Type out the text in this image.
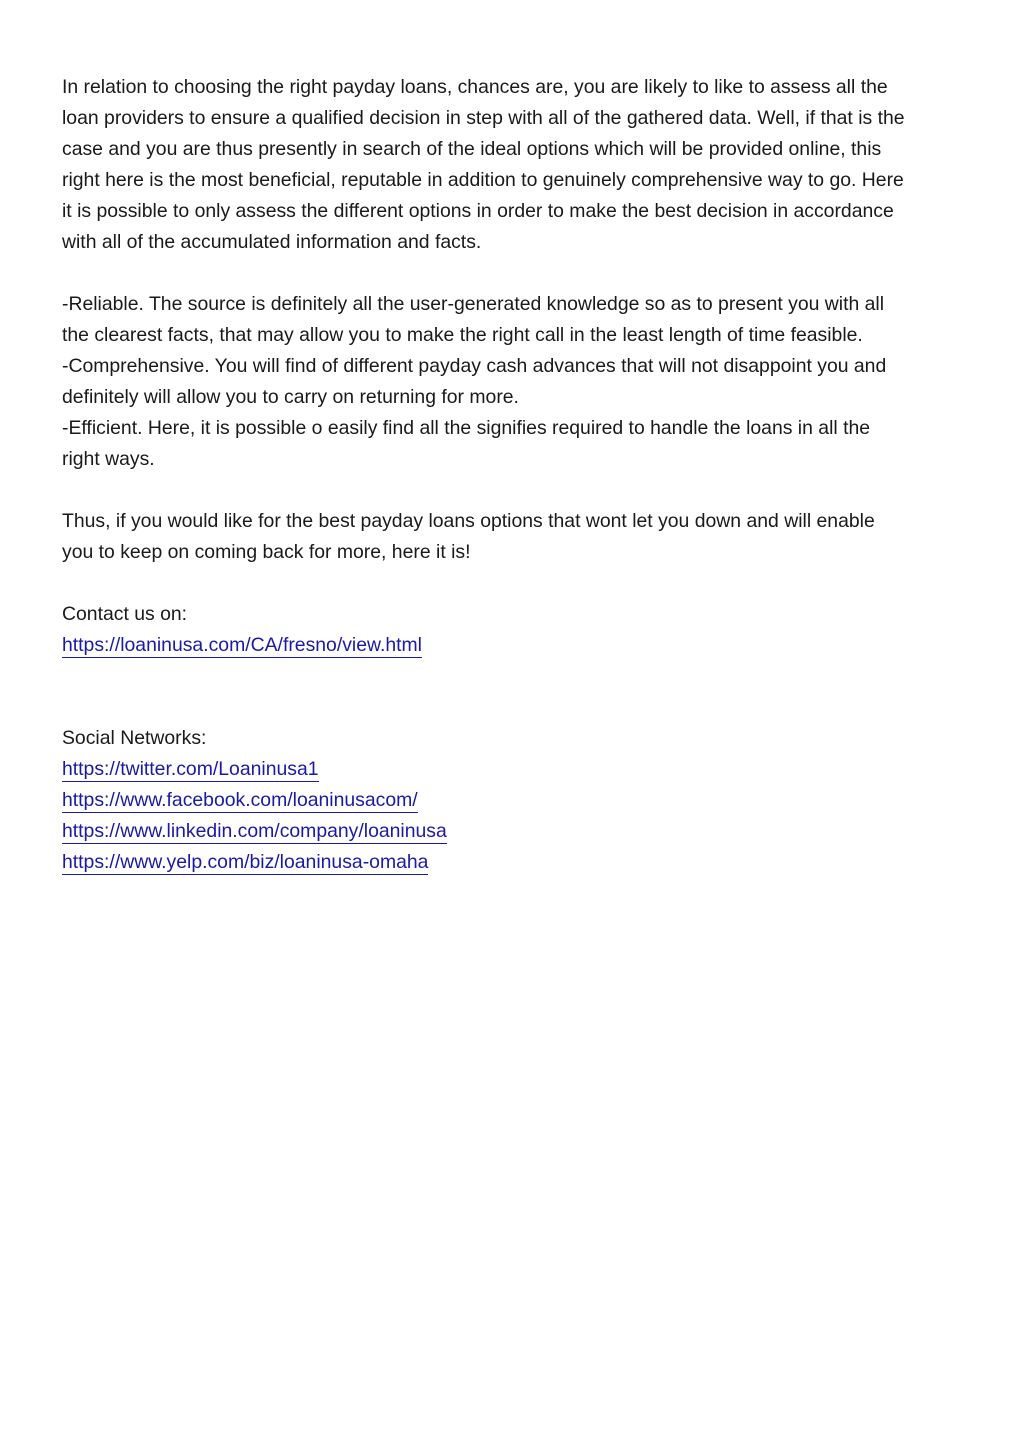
In relation to choosing the right payday loans, chances are, you are likely to like to assess all the
loan providers to ensure a qualified decision in step with all of the gathered data. Well, if that is the
case and you are thus presently in search of the ideal options which will be provided online, this
right here is the most beneficial, reputable in addition to genuinely comprehensive way to go. Here
it is possible to only assess the different options in order to make the best decision in accordance
with all of the accumulated information and facts.
-Reliable. The source is definitely all the user-generated knowledge so as to present you with all
the clearest facts, that may allow you to make the right call in the least length of time feasible.
-Comprehensive. You will find of different payday cash advances that will not disappoint you and
definitely will allow you to carry on returning for more.
-Efficient. Here, it is possible o easily find all the signifies required to handle the loans in all the
right ways.
Thus, if you would like for the best payday loans options that wont let you down and will enable
you to keep on coming back for more, here it is!
Contact us on:
https://loaninusa.com/CA/fresno/view.html
Social Networks:
https://twitter.com/Loaninusa1
https://www.facebook.com/loaninusacom/
https://www.linkedin.com/company/loaninusa
https://www.yelp.com/biz/loaninusa-omaha
